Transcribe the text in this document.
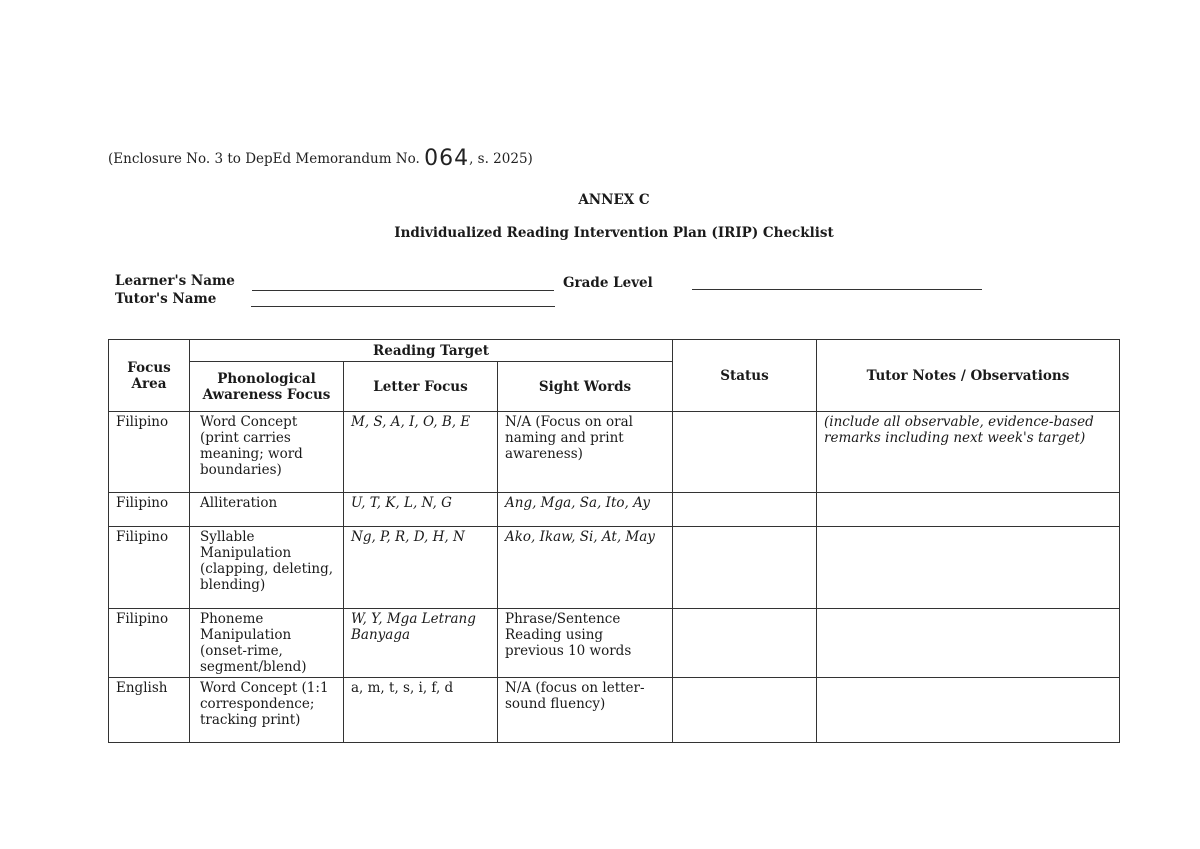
(Enclosure No. 3 to DepEd Memorandum No. 064, s. 2025)
ANNEX C
Individualized Reading Intervention Plan (IRIP) Checklist
Learner's Name	Grade Level
Tutor's Name
Focus Area	Reading Target			Status	Tutor Notes / Observations
	Phonological Awareness Focus	Letter Focus	Sight Words		
Filipino	Word Concept (print carries meaning; word boundaries)	M, S, A, I, O, B, E	N/A (Focus on oral naming and print awareness)		(include all observable, evidence-based remarks including next week's target)
Filipino	Alliteration	U, T, K, L, N, G	Ang, Mga, Sa, Ito, Ay		
Filipino	Syllable Manipulation (clapping, deleting, blending)	Ng, P, R, D, H, N	Ako, Ikaw, Si, At, May		
Filipino	Phoneme Manipulation (onset-rime, segment/blend)	W, Y, Mga Letrang Banyaga	Phrase/Sentence Reading using previous 10 words		
English	Word Concept (1:1 correspondence; tracking print)	a, m, t, s, i, f, d	N/A (focus on letter-sound fluency)		
